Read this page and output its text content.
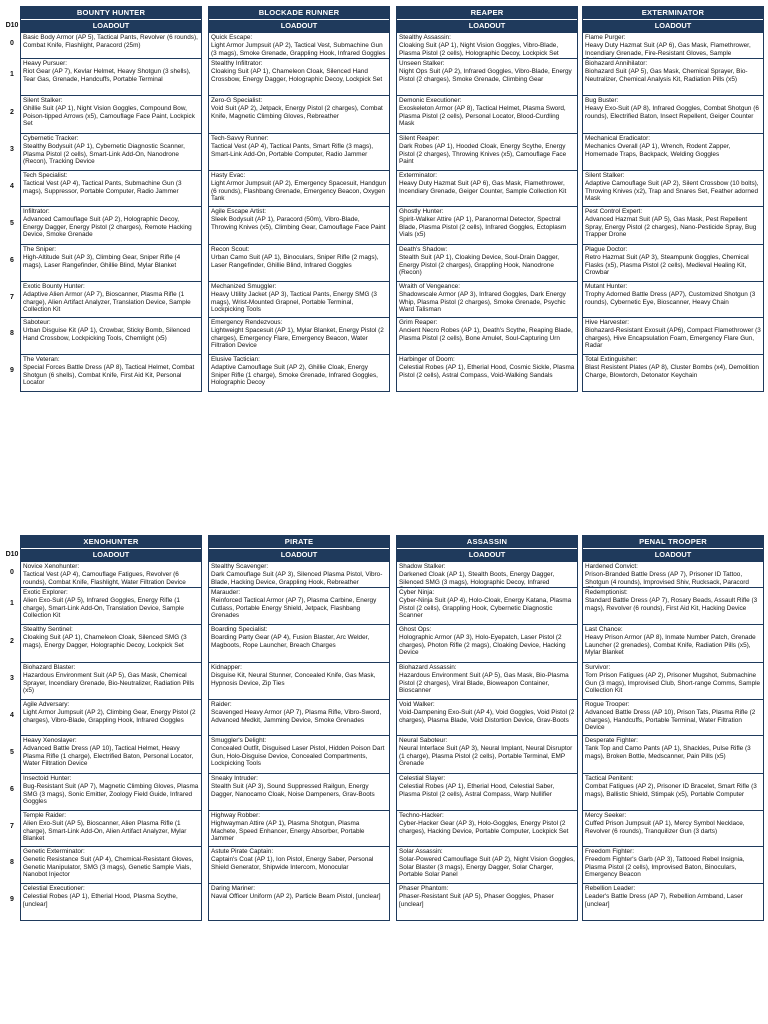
D10
0
1
2
3
4
5
6
7
8
9
BOUNTY HUNTER
LOADOUT
Basic Body Armor (AP 5), Tactical Pants, Revolver (6 rounds), Combat Knife, Flashlight, Paracord (25m)
Heavy Pursuer:
Riot Gear (AP 7), Kevlar Helmet, Heavy Shotgun (3 shells), Tear Gas, Grenade, Handcuffs, Portable Terminal
Silent Stalker:
Ghillie Suit (AP 1), Night Vision Goggles, Compound Bow, Poison-tipped Arrows (x5), Camouflage Face Paint, Lockpick Set
Cybernetic Tracker:
Stealthy Bodysuit (AP 1), Cybernetic Diagnostic Scanner, Plasma Pistol (2 cells), Smart-Link Add-On, Nanodrone (Recon), Tracking Device
Tech Specialist:
Tactical Vest (AP 4), Tactical Pants, Submachine Gun (3 mags), Suppressor, Portable Computer, Radio Jammer
Infiltrator:
Advanced Camouflage Suit (AP 2), Holographic Decoy, Energy Dagger, Energy Pistol (2 charges), Remote Hacking Device, Smoke Grenade
The Sniper:
High-Altitude Suit (AP 3), Climbing Gear, Sniper Rifle (4 mags), Laser Rangefinder, Ghillie Blind, Mylar Blanket
Exotic Bounty Hunter:
Adaptive Alien Armor (AP 7), Bioscanner, Plasma Rifle (1 charge), Alien Artifact Analyzer, Translation Device, Sample Collection Kit
Saboteur:
Urban Disguise Kit (AP 1), Crowbar, Sticky Bomb, Silenced Hand Crossbow, Lockpicking Tools, Chemlight (x5)
The Veteran:
Special Forces Battle Dress (AP 8), Tactical Helmet, Combat Shotgun (6 shells), Combat Knife, First Aid Kit, Personal Locator
BLOCKADE RUNNER
LOADOUT
Quick Escape:
Light Armor Jumpsuit (AP 2), Tactical Vest, Submachine Gun (3 mags), Smoke Grenade, Grappling Hook, Infrared Goggles
Stealthy Infiltrator:
Cloaking Suit (AP 1), Chameleon Cloak, Silenced Hand Crossbow, Energy Dagger, Holographic Decoy, Lockpick Set
Zero-G Specialist:
Void Suit (AP 2), Jetpack, Energy Pistol (2 charges), Combat Knife, Magnetic Climbing Gloves, Rebreather
Tech-Savvy Runner:
Tactical Vest (AP 4), Tactical Pants, Smart Rifle (3 mags), Smart-Link Add-On, Portable Computer, Radio Jammer
Hasty Evac:
Light Armor Jumpsuit (AP 2), Emergency Spacesuit, Handgun (6 rounds), Flashbang Grenade, Emergency Beacon, Oxygen Tank
Agile Escape Artist:
Sleek Bodysuit (AP 1), Paracord (50m), Vibro-Blade, Throwing Knives (x5), Climbing Gear, Camouflage Face Paint
Recon Scout:
Urban Camo Suit (AP 1), Binoculars, Sniper Rifle (2 mags), Laser Rangefinder, Ghillie Blind, Infrared Goggles
Mechanized Smuggler:
Heavy Utility Jacket (AP 3), Tactical Pants, Energy SMG (3 mags), Wrist-Mounted Grapnel, Portable Terminal, Lockpicking Tools
Emergency Rendezvous:
Lightweight Spacesuit (AP 1), Mylar Blanket, Energy Pistol (2 charges), Emergency Flare, Emergency Beacon, Water Filtration Device
Elusive Tactician:
Adaptive Camouflage Suit (AP 2), Ghillie Cloak, Energy Sniper Rifle (1 charge), Smoke Grenade, Infrared Goggles, Holographic Decoy
REAPER
LOADOUT
Stealthy Assassin:
Cloaking Suit (AP 1), Night Vision Goggles, Vibro-Blade, Plasma Pistol (2 cells), Holographic Decoy, Lockpick Set
Unseen Stalker:
Night Ops Suit (AP 2), Infrared Goggles, Vibro-Blade, Energy Pistol (2 charges), Smoke Grenade, Climbing Gear
Demonic Executioner:
Exoskeleton Armor (AP 8), Tactical Helmet, Plasma Sword, Plasma Pistol (2 cells), Personal Locator, Blood-Curdling Mask
Silent Reaper:
Dark Robes (AP 1), Hooded Cloak, Energy Scythe, Energy Pistol (2 charges), Throwing Knives (x5), Camouflage Face Paint
Exterminator:
Heavy Duty Hazmat Suit (AP 6), Gas Mask, Flamethrower, Incendiary Grenade, Geiger Counter, Sample Collection Kit
Ghostly Hunter:
Spirit-Walker Attire (AP 1), Paranormal Detector, Spectral Blade, Plasma Pistol (2 cells), Infrared Goggles, Ectoplasm Vials (x5)
Death's Shadow:
Stealth Suit (AP 1), Cloaking Device, Soul-Drain Dagger, Energy Pistol (2 charges), Grappling Hook, Nanodrone (Recon)
Wraith of Vengeance:
Shadowscale Armor (AP 3), Infrared Goggles, Dark Energy Whip, Plasma Pistol (2 charges), Smoke Grenade, Psychic Ward Talisman
Grim Reaper:
Ancient Necro Robes (AP 1), Death's Scythe, Reaping Blade, Plasma Pistol (2 cells), Bone Amulet, Soul-Capturing Urn
Harbinger of Doom:
Celestial Robes (AP 1), Etherial Hood, Cosmic Sickle, Plasma Pistol (2 cells), Astral Compass, Void-Walking Sandals
EXTERMINATOR
LOADOUT
Flame Purger:
Heavy Duty Hazmat Suit (AP 6), Gas Mask, Flamethrower, Incendiary Grenade, Fire-Resistant Gloves, Sample
Biohazard Annihilator:
Biohazard Suit (AP 5), Gas Mask, Chemical Sprayer, Bio-Neutralizer, Chemical Analysis Kit, Radiation Pills (x5)
Bug Buster:
Heavy Exo-Suit (AP 8), Infrared Goggles, Combat Shotgun (6 rounds), Electrified Baton, Insect Repellent, Geiger Counter
Mechanical Eradicator:
Mechanics Overall (AP 1), Wrench, Rodent Zapper, Homemade Traps, Backpack, Welding Goggles
Silent Stalker:
Adaptive Camouflage Suit (AP 2), Silent Crossbow (10 bolts), Throwing Knives (x2), Trap and Snares Set, Feather adorned Mask
Pest Control Expert:
Advanced Hazmat Suit (AP 5), Gas Mask, Pest Repellent Spray, Energy Pistol (2 charges), Nano-Pesticide Spray, Bug Trapper Drone
Plague Doctor:
Retro Hazmat Suit (AP 3), Steampunk Goggles, Chemical Flasks (x5), Plasma Pistol (2 cells), Medieval Healing Kit, Crowbar
Mutant Hunter:
Trophy Adorned Battle Dress (AP7), Customized Shotgun (3 rounds), Cybernetic Eye, Bioscanner, Heavy Chain
Hive Harvester:
Biohazard-Resistant Exosuit (AP6), Compact Flamethrower (3 charges), Hive Encapsulation Foam, Emergency Flare Gun, Radar
Total Extinguisher:
Blast Resistent Plates (AP 8), Cluster Bombs (x4), Demolition Charge, Blowtorch, Detonator Keychain
D10
0
1
2
3
4
5
6
7
8
9
XENOHUNTER
LOADOUT
Novice Xenohunter:
Tactical Vest (AP 4), Camouflage Fatigues, Revolver (6 rounds), Combat Knife, Flashlight, Water Filtration Device
Exotic Explorer:
Alien Exo-Suit (AP 5), Infrared Goggles, Energy Rifle (1 charge), Smart-Link Add-On, Translation Device, Sample Collection Kit
Stealthy Sentinel:
Cloaking Suit (AP 1), Chameleon Cloak, Silenced SMG (3 mags), Energy Dagger, Holographic Decoy, Lockpick Set
Biohazard Blaster:
Hazardous Environment Suit (AP 5), Gas Mask, Chemical Sprayer, Incendiary Grenade, Bio-Neutralizer, Radiation Pills (x5)
Agile Adversary:
Light Armor Jumpsuit (AP 2), Climbing Gear, Energy Pistol (2 charges), Vibro-Blade, Grappling Hook, Infrared Goggles
Heavy Xenoslayer:
Advanced Battle Dress (AP 10), Tactical Helmet, Heavy Plasma Rifle (1 charge), Electrified Baton, Personal Locator, Water Filtration Device
Insectoid Hunter:
Bug-Resistant Suit (AP 7), Magnetic Climbing Gloves, Plasma SMG (3 mags), Sonic Emitter, Zoology Field Guide, Infrared Goggles
Temple Raider:
Alien Exo-Suit (AP 5), Bioscanner, Alien Plasma Rifle (1 charge), Smart-Link Add-On, Alien Artifact Analyzer, Mylar Blanket
Genetic Exterminator:
Genetic Resistance Suit (AP 4), Chemical-Resistant Gloves, Genetic Manipulator, SMG (3 mags), Genetic Sample Vials, Nanobot Injector
Celestial Executioner:
Celestial Robes (AP 1), Etherial Hood, Plasma Scythe, [unclear]
PIRATE
LOADOUT
Stealthy Scavenger:
Dark Camouflage Suit (AP 3), Silenced Plasma Pistol, Vibro-Blade, Hacking Device, Grappling Hook, Rebreather
Marauder:
Reinforced Tactical Armor (AP 7), Plasma Carbine, Energy Cutlass, Portable Energy Shield, Jetpack, Flashbang Grenades
Boarding Specialist:
Boarding Party Gear (AP 4), Fusion Blaster, Arc Welder, Magboots, Rope Launcher, Breach Charges
Kidnapper:
Disguise Kit, Neural Stunner, Concealed Knife, Gas Mask, Hypnosis Device, Zip Ties
Raider:
Scavenged Heavy Armor (AP 7), Plasma Rifle, Vibro-Sword, Advanced Medkit, Jamming Device, Smoke Grenades
Smuggler's Delight:
Concealed Outfit, Disguised Laser Pistol, Hidden Poison Dart Gun, Holo-Disguise Device, Concealed Compartments, Lockpicking Tools
Sneaky Intruder:
Stealth Suit (AP 3), Sound Suppressed Railgun, Energy Dagger, Nanocamo Cloak, Noise Dampeners, Grav-Boots
Highway Robber:
Highwayman Attire (AP 1), Plasma Shotgun, Plasma Machete, Speed Enhancer, Energy Absorber, Portable Jammer
Astute Pirate Captain:
Captain's Coat (AP 1), Ion Pistol, Energy Saber, Personal Shield Generator, Shipwide Intercom, Monocular
Daring Mariner:
Naval Officer Uniform (AP 2), Particle Beam Pistol, [unclear]
ASSASSIN
LOADOUT
Shadow Stalker:
Darkened Cloak (AP 1), Stealth Boots, Energy Dagger, Silenced SMG (3 mags), Holographic Decoy, Infrared
Cyber Ninja:
Cyber-Ninja Suit (AP 4), Holo-Cloak, Energy Katana, Plasma Pistol (2 cells), Grappling Hook, Cybernetic Diagnostic Scanner
Ghost Ops:
Holographic Armor (AP 3), Holo-Eyepatch, Laser Pistol (2 charges), Photon Rifle (2 mags), Cloaking Device, Hacking Device
Biohazard Assassin:
Hazardous Environment Suit (AP 5), Gas Mask, Bio-Plasma Pistol (2 charges), Viral Blade, Bioweapon Container, Bioscanner
Void Walker:
Void-Dampening Exo-Suit (AP 4), Void Goggles, Void Pistol (2 charges), Plasma Blade, Void Distortion Device, Grav-Boots
Neural Saboteur:
Neural Interface Suit (AP 3), Neural Implant, Neural Disruptor (1 charge), Plasma Pistol (2 cells), Portable Terminal, EMP Grenade
Celestial Slayer:
Celestial Robes (AP 1), Etherial Hood, Celestial Saber, Plasma Pistol (2 cells), Astral Compass, Warp Nullifier
Techno-Hacker:
Cyber-Hacker Gear (AP 3), Holo-Goggles, Energy Pistol (2 charges), Hacking Device, Portable Computer, Lockpick Set
Solar Assassin:
Solar-Powered Camouflage Suit (AP 2), Night Vision Goggles, Solar Blaster (3 mags), Energy Dagger, Solar Charger, Portable Solar Panel
Phaser Phantom:
Phaser-Resistant Suit (AP 5), Phaser Goggles, Phaser [unclear]
PENAL TROOPER
LOADOUT
Hardened Convict:
Prison-Branded Battle Dress (AP 7), Prisoner ID Tattoo, Shotgun (4 rounds), Improvised Shiv, Rucksack, Paracord
Redemptionist:
Standard Battle Dress (AP 7), Rosary Beads, Assault Rifle (3 mags), Revolver (6 rounds), First Aid Kit, Hacking Device
Last Chance:
Heavy Prison Armor (AP 8), Inmate Number Patch, Grenade Launcher (2 grenades), Combat Knife, Radiation Pills (x5), Mylar Blanket
Survivor:
Torn Prison Fatigues (AP 2), Prisoner Mugshot, Submachine Gun (3 mags), Improvised Club, Short-range Comms, Sample Collection Kit
Rogue Trooper:
Advanced Battle Dress (AP 10), Prison Tats, Plasma Rifle (2 charges), Handcuffs, Portable Terminal, Water Filtration Device
Desperate Fighter:
Tank Top and Camo Pants (AP 1), Shackles, Pulse Rifle (3 mags), Broken Bottle, Medscanner, Pain Pills (x5)
Tactical Penitent:
Combat Fatigues (AP 2), Prisoner ID Bracelet, Smart Rifle (3 mags), Ballistic Shield, Stimpak (x5), Portable Computer
Mercy Seeker:
Cuffed Prison Jumpsuit (AP 1), Mercy Symbol Necklace, Revolver (6 rounds), Tranquilizer Gun (3 darts)
Freedom Fighter:
Freedom Fighter's Garb (AP 3), Tattooed Rebel Insignia, Plasma Pistol (2 cells), Improvised Baton, Binoculars, Emergency Beacon
Rebellion Leader:
Leader's Battle Dress (AP 7), Rebellion Armband, Laser [unclear]
